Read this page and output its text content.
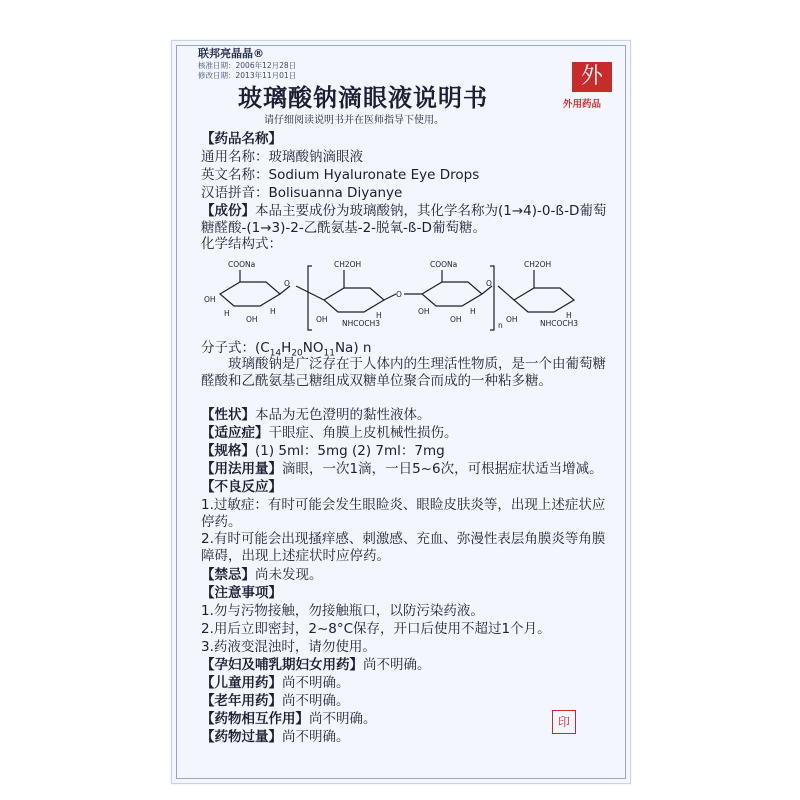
联邦亮晶晶®
核准日期：2006年12月28日
修改日期：2013年11月01日	外
外用药品
玻璃酸钠滴眼液说明书
请仔细阅读说明书并在医师指导下使用。
【药品名称】
通用名称：玻璃酸钠滴眼液
英文名称：Sodium Hyaluronate Eye Drops
汉语拼音：Bolisuanna Diyanye
【成份】本品主要成份为玻璃酸钠，其化学名称为(1→4)-0-ß-D葡萄糖醛酸-(1→3)-2-乙酰氨基-2-脱氧-ß-D葡萄糖。
化学结构式：
COONa	COONa
CH2OH	CH2OH
O
O
O
OH
OH	OH
OH
OH	OH
NHCOCH3	NHCOCH3
n
H	H	H	H	H
分子式：$(C_{14}H_{20}NO_{11}Na)$ n
玻璃酸钠是广泛存在于人体内的生理活性物质，是一个由葡萄糖醛酸和乙酰氨基己糖组成双糖单位聚合而成的一种粘多糖。
【性状】本品为无色澄明的黏性液体。
【适应症】干眼症、角膜上皮机械性损伤。
【规格】(1) 5ml：5mg (2) 7ml：7mg
【用法用量】滴眼，一次1滴，一日5~6次，可根据症状适当增减。
【不良反应】
1.过敏症：有时可能会发生眼睑炎、眼睑皮肤炎等，出现上述症状应停药。
2.有时可能会出现搔痒感、刺激感、充血、弥漫性表层角膜炎等角膜障碍，出现上述症状时应停药。
【禁忌】尚未发现。
【注意事项】
1.勿与污物接触，勿接触瓶口，以防污染药液。
2.用后立即密封，2~8°C保存，开口后使用不超过1个月。
3.药液变混浊时，请勿使用。
【孕妇及哺乳期妇女用药】尚不明确。
【儿童用药】尚不明确。
【老年用药】尚不明确。
【药物相互作用】尚不明确。
【药物过量】尚不明确。
印
